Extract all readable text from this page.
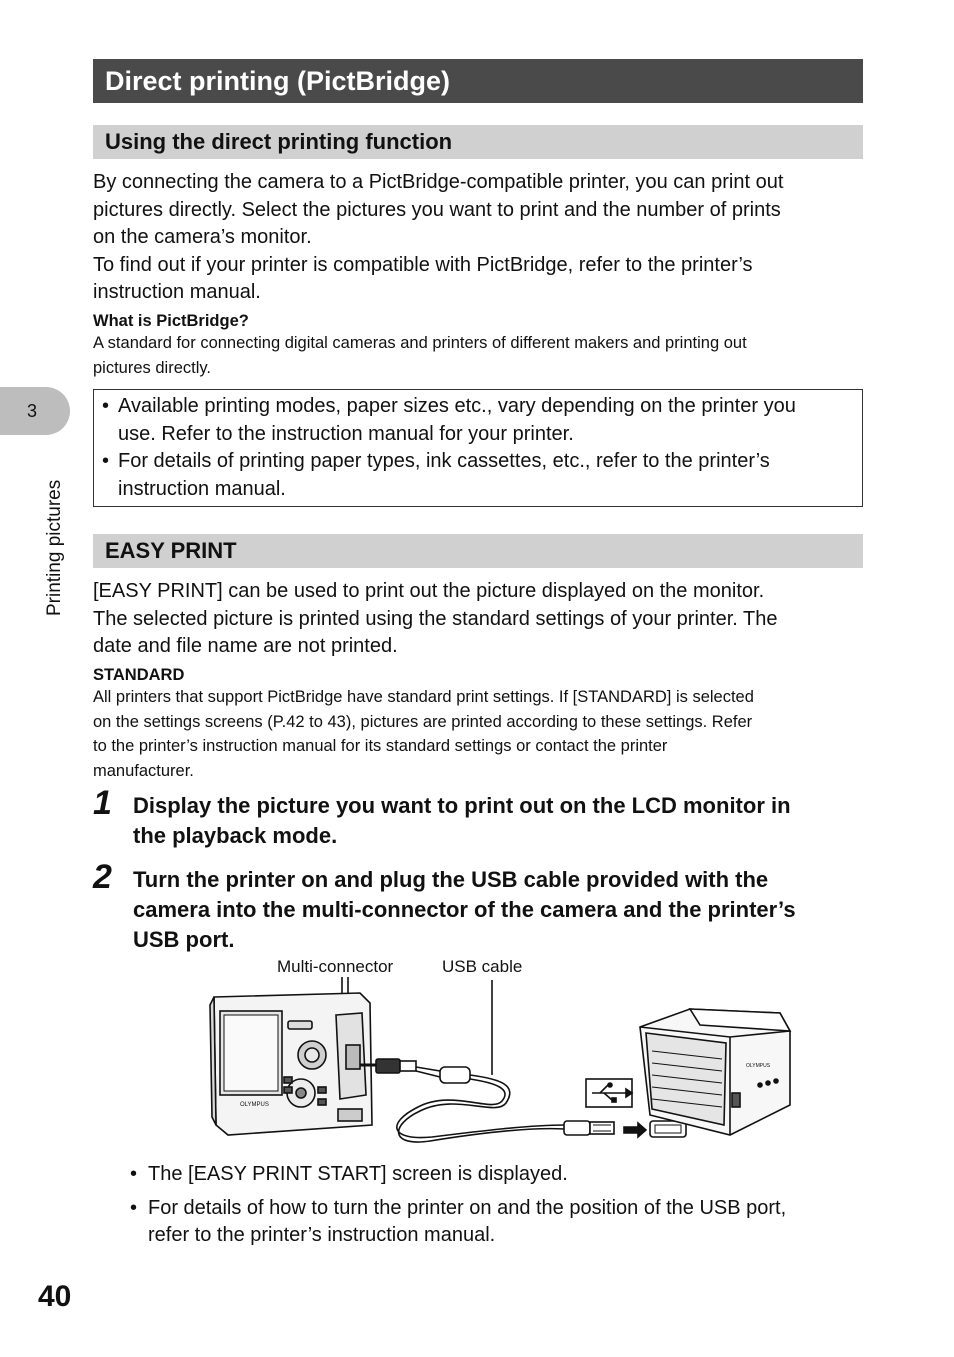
Direct printing (PictBridge)
Using the direct printing function
By connecting the camera to a PictBridge-compatible printer, you can print out
pictures directly. Select the pictures you want to print and the number of prints
on the camera’s monitor.
To find out if your printer is compatible with PictBridge, refer to the printer’s
instruction manual.
What is PictBridge?
A standard for connecting digital cameras and printers of different makers and printing out
pictures directly.
• Available printing modes, paper sizes etc., vary depending on the printer you
use. Refer to the instruction manual for your printer.
• For details of printing paper types, ink cassettes, etc., refer to the printer’s
instruction manual.
EASY PRINT
[EASY PRINT] can be used to print out the picture displayed on the monitor.
The selected picture is printed using the standard settings of your printer. The
date and file name are not printed.
STANDARD
All printers that support PictBridge have standard print settings. If [STANDARD] is selected
on the settings screens (P.42 to 43), pictures are printed according to these settings. Refer
to the printer’s instruction manual for its standard settings or contact the printer
manufacturer.
1 Display the picture you want to print out on the LCD monitor in
the playback mode.
2 Turn the printer on and plug the USB cable provided with the
camera into the multi-connector of the camera and the printer’s
USB port.
Multi-connector	USB cable
OLYMPUS
OLYMPUS
• The [EASY PRINT START] screen is displayed.
• For details of how to turn the printer on and the position of the USB port,
refer to the printer’s instruction manual.
3
Printing pictures
40
